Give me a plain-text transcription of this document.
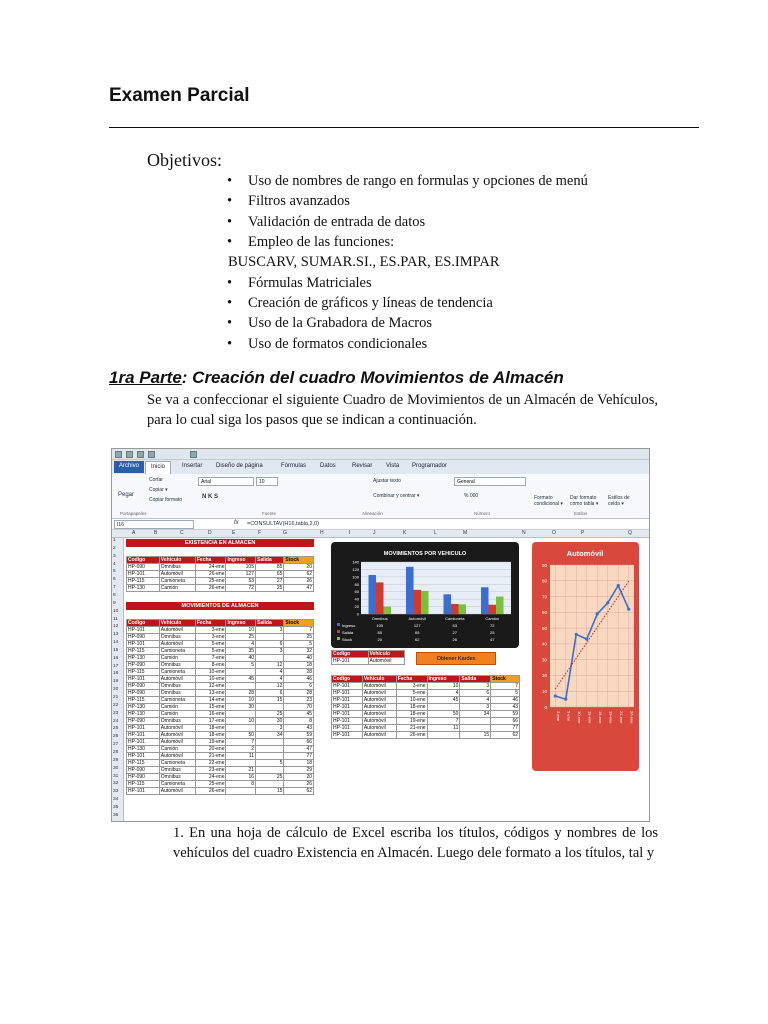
Examen Parcial
Objetivos:
• Uso de nombres de rango en formulas y opciones de menú
• Filtros avanzados
• Validación de entrada de datos
• Empleo de las funciones:
BUSCARV, SUMAR.SI., ES.PAR, ES.IMPAR
• Fórmulas Matriciales
• Creación de gráficos y líneas de tendencia
• Uso de la Grabadora de Macros
• Uso de formatos condicionales
1ra Parte: Creación del cuadro Movimientos de Almacén
Se va a confeccionar el siguiente Cuadro de Movimientos de un Almacén de Vehículos, para lo cual siga los pasos que se indican a continuación.
Archivo	Inicio	Insertar Diseño de página	Fórmulas Datos	Revisar Vista Programador
Pegar
Cortar
Copiar ▾
Copiar formato
Arial	10
N K S
Ajustar texto
Combinar y centrar ▾
General
% 000	Formato condicional ▾
Dar formato como tabla ▾
Estilos de celda ▾
Portapapeles	Fuente	Alineación	Número	Estilos
I16	fx =CONSULTAV(H16,tabla,2,0)
A	B	C	D	E	F	G	H	I	J	K	L	M	N	O	P	Q
1
2
3
4
5
6
7
8
9
10
11
12
13
14
15
16
17
18
19
20
21
22
23
24
25
26
27
28
29
30
31
32
33
34
35
36
EXISTENCIA EN ALMACEN
Codigo	Vehiculo	Fecha	Ingreso	Salida	Stock
HP-090	Omnibus	24-ene	105	85	20
HP-101	Automóvil	26-ene	127	65	62
HP-115	Camioneta	25-ene	53	27	26
HP-130	Camión	26-ene	72	25	47
MOVIMIENTOS DE ALMACEN
Codigo	Vehiculo	Fecha	Ingreso	Salida	Stock
HP-101	Automóvil	3-ene	10	3	7
HP-090	Omnibus	3-ene	25		25
HP-101	Automóvil	5-ene	4	6	5
HP-115	Camioneta	5-ene	35	3	32
HP-130	Camión	7-ene	40		40
HP-090	Omnibus	8-ene	5	12	18
HP-115	Camioneta	10-ene		4	28
HP-101	Automóvil	10-ene	45	4	46
HP-090	Omnibus	12-ene		12	6
HP-090	Omnibus	13-ene	28	6	28
HP-115	Camioneta	14-ene	10	15	23
HP-130	Camión	15-ene	30		70
HP-130	Camión	16-ene		25	45
HP-090	Omnibus	17-ene	10	30	8
HP-101	Automóvil	18-ene		3	43
HP-101	Automóvil	18-ene	50	34	59
HP-101	Automóvil	19-ene	7		66
HP-130	Camión	20-ene	2		47
HP-101	Automóvil	21-ene	11		77
HP-115	Camioneta	22-ene		5	18
HP-090	Omnibus	23-ene	21		29
HP-090	Omnibus	24-ene	16	25	20
HP-115	Camioneta	25-ene	8		26
HP-101	Automóvil	26-ene		15	62
MOVIMIENTOS POR VEHICULO
0
20
40
60
80
100
120
140
Omnibus	Automóvil	Camioneta	Camión
Ingreso	105	127	53	72
Salida	85	65	27	25
Stock	20	62	26	47
Codigo	Vehiculo
HP-101	Automóvil	Obtener Kardex
Codigo	Vehiculo	Fecha	Ingreso	Salida	Stock
HP-101	Automóvil	3-ene	10	3	7
HP-101	Automóvil	5-ene	4	6	5
HP-101	Automóvil	10-ene	45	4	46
HP-101	Automóvil	18-ene		3	43
HP-101	Automóvil	18-ene	50	34	59
HP-101	Automóvil	19-ene	7		66
HP-101	Automóvil	21-ene	11		77
HP-101	Automóvil	26-ene		15	62
Automóvil
0
10
20
30
40
50
60
70
80
90
3-ene 5-ene 10-ene 18-ene 18-ene 19-ene 21-ene 26-ene
1. En una hoja de cálculo de Excel escriba los títulos, códigos y nombres de los vehículos del cuadro Existencia en Almacén. Luego dele formato a los títulos, tal y
